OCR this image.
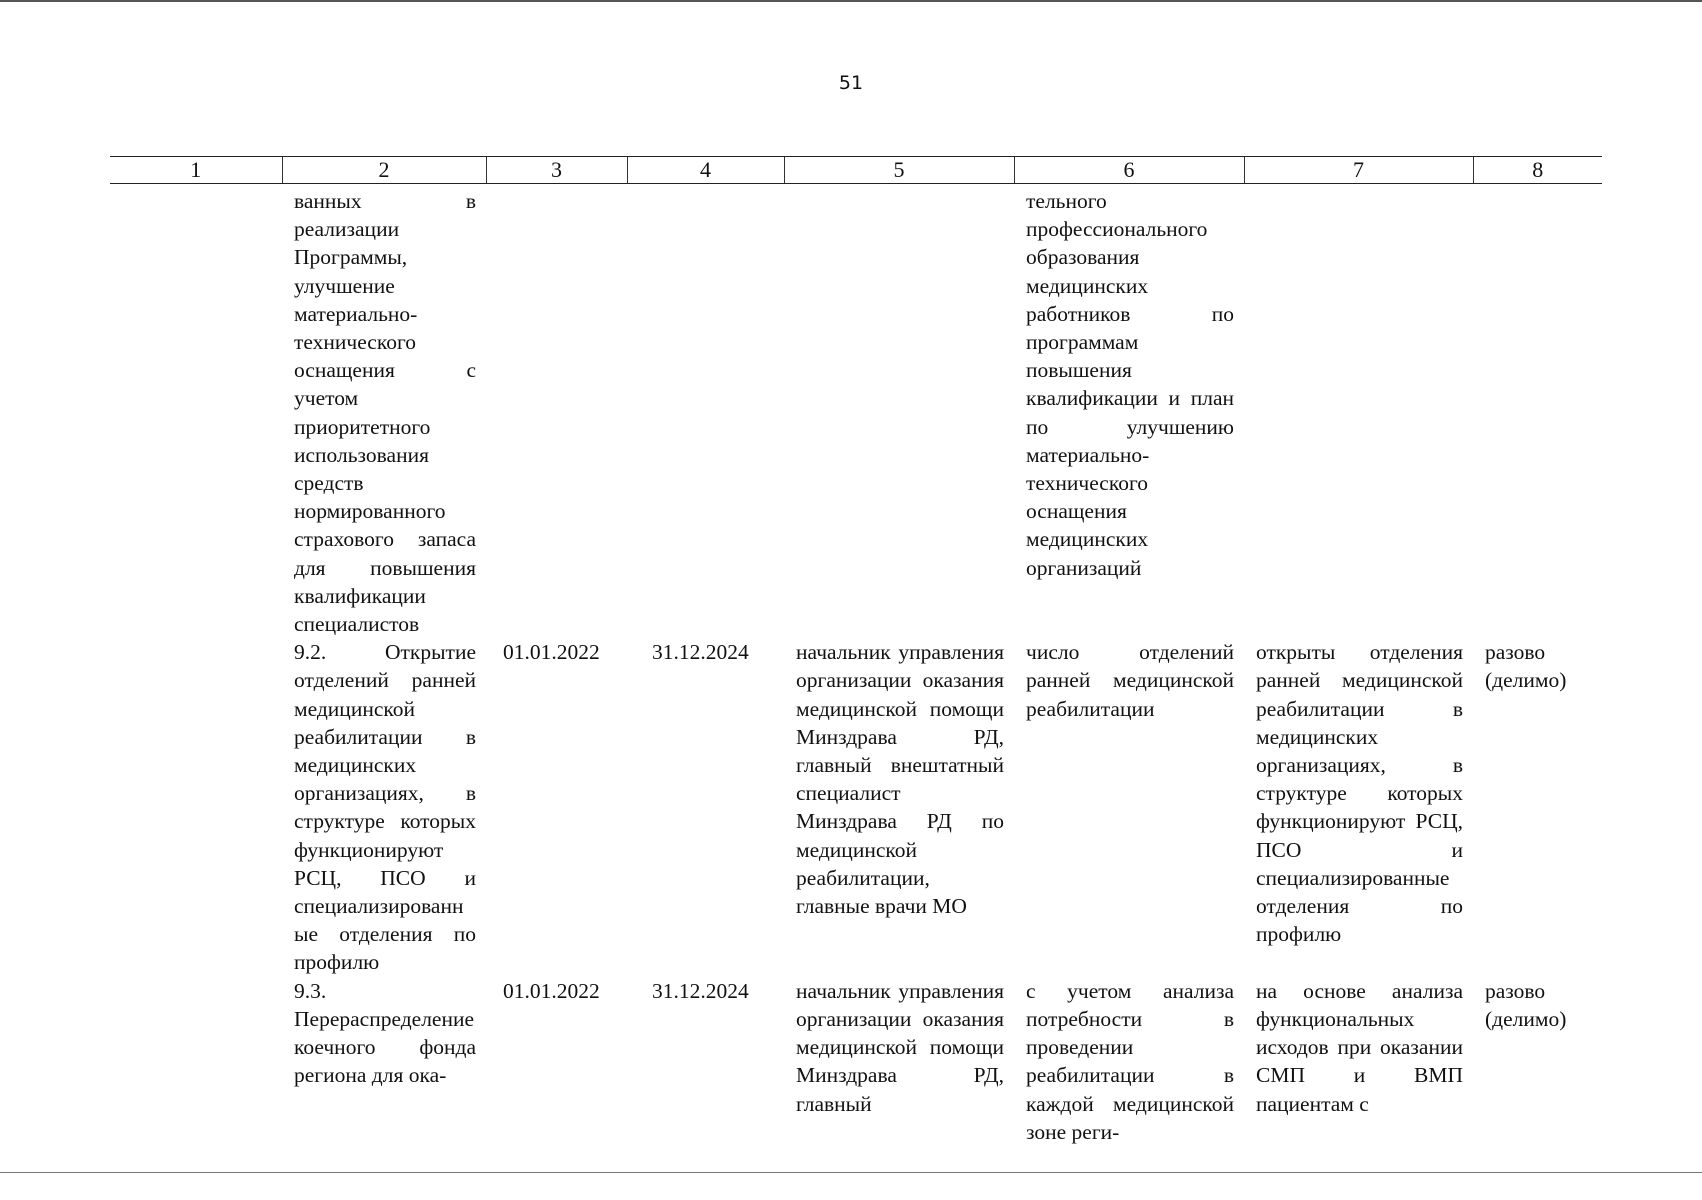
51
1	2	3	4	5	6	7	8
	ванных в реализации Программы, улучшение материально-технического оснащения с учетом приоритетного использования средств нормированного страхового запаса для повышения квалификации специалистов				тельного профессионального образования медицинских работников по программам повышения квалификации и план по улучшению материально-технического оснащения медицинских организаций		
	9.2. Открытие отделений ранней медицинской реабилитации в медицинских организациях, в структуре которых функционируют РСЦ, ПСО и специализированные отделения по профилю	01.01.2022	31.12.2024	начальник управления организации оказания медицинской помощи Минздрава РД, главный внештатный специалист Минздрава РД по медицинской реабилитации, главные врачи МО	число отделений ранней медицинской реабилитации	открыты отделения ранней медицинской реабилитации в медицинских организациях, в структуре которых функционируют РСЦ, ПСО и специализированные отделения по профилю	разово (делимо)
	9.3. Перераспределение коечного фонда региона для ока-	01.01.2022	31.12.2024	начальник управления организации оказания медицинской помощи Минздрава РД, главный	с учетом анализа потребности в проведении реабилитации в каждой медицинской зоне реги-	на основе анализа функциональных исходов при оказании СМП и ВМП пациентам с	разово (делимо)
